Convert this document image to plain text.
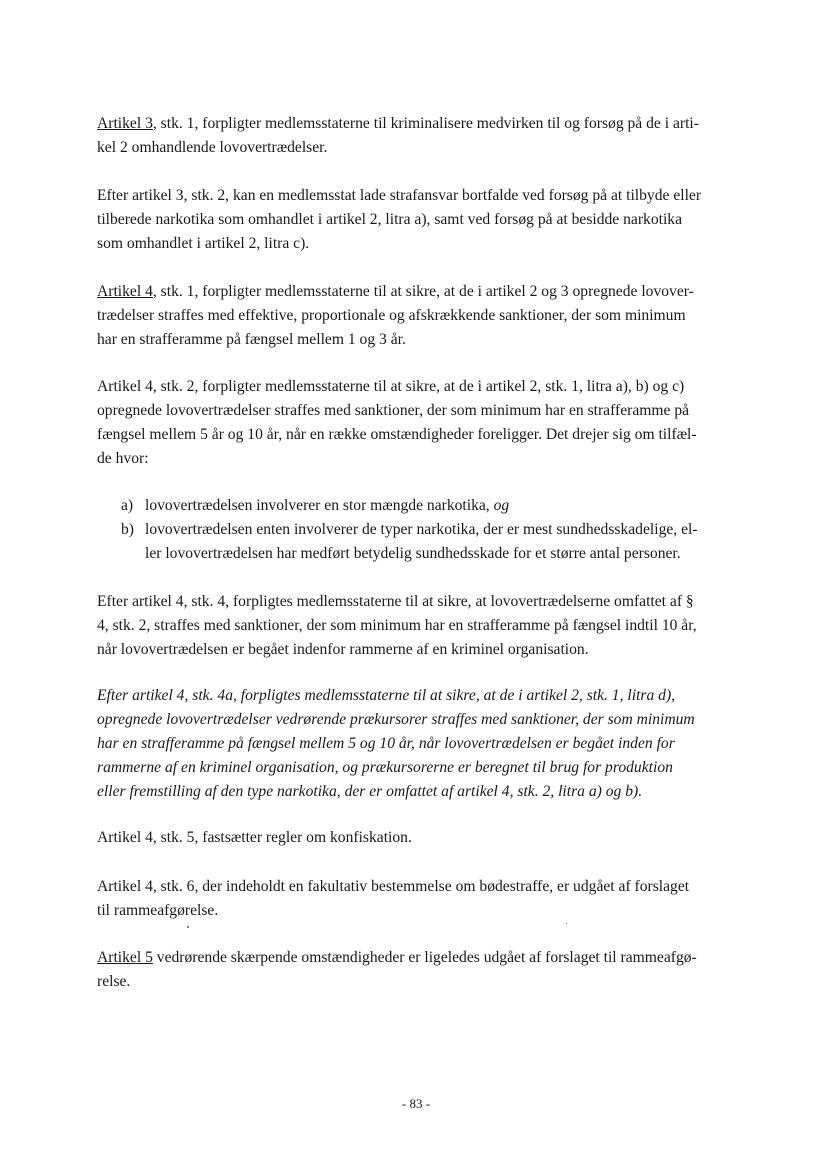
Artikel 3, stk. 1, forpligter medlemsstaterne til kriminalisere medvirken til og forsøg på de i arti-
kel 2 omhandlende lovovertrædelser.

Efter artikel 3, stk. 2, kan en medlemsstat lade strafansvar bortfalde ved forsøg på at tilbyde eller
tilberede narkotika som omhandlet i artikel 2, litra a), samt ved forsøg på at besidde narkotika
som omhandlet i artikel 2, litra c).

Artikel 4, stk. 1, forpligter medlemsstaterne til at sikre, at de i artikel 2 og 3 opregnede lovover-
trædelser straffes med effektive, proportionale og afskrækkende sanktioner, der som minimum
har en strafferamme på fængsel mellem 1 og 3 år.

Artikel 4, stk. 2, forpligter medlemsstaterne til at sikre, at de i artikel 2, stk. 1, litra a), b) og c)
opregnede lovovertrædelser straffes med sanktioner, der som minimum har en strafferamme på
fængsel mellem 5 år og 10 år, når en række omstændigheder foreligger. Det drejer sig om tilfæl-
de hvor:

a) lovovertrædelsen involverer en stor mængde narkotika, og
b) lovovertrædelsen enten involverer de typer narkotika, der er mest sundhedsskadelige, el-
ler lovovertrædelsen har medført betydelig sundhedsskade for et større antal personer.

Efter artikel 4, stk. 4, forpligtes medlemsstaterne til at sikre, at lovovertrædelserne omfattet af §
4, stk. 2, straffes med sanktioner, der som minimum har en strafferamme på fængsel indtil 10 år,
når lovovertrædelsen er begået indenfor rammerne af en kriminel organisation.

Efter artikel 4, stk. 4a, forpligtes medlemsstaterne til at sikre, at de i artikel 2, stk. 1, litra d),
opregnede lovovertrædelser vedrørende prækursorer straffes med sanktioner, der som minimum
har en strafferamme på fængsel mellem 5 og 10 år, når lovovertrædelsen er begået inden for
rammerne af en kriminel organisation, og prækursorerne er beregnet til brug for produktion
eller fremstilling af den type narkotika, der er omfattet af artikel 4, stk. 2, litra a) og b).

Artikel 4, stk. 5, fastsætter regler om konfiskation.

Artikel 4, stk. 6, der indeholdt en fakultativ bestemmelse om bødestraffe, er udgået af forslaget
til rammeafgørelse.

Artikel 5 vedrørende skærpende omstændigheder er ligeledes udgået af forslaget til rammeafgø-
relse.

- 83 -
